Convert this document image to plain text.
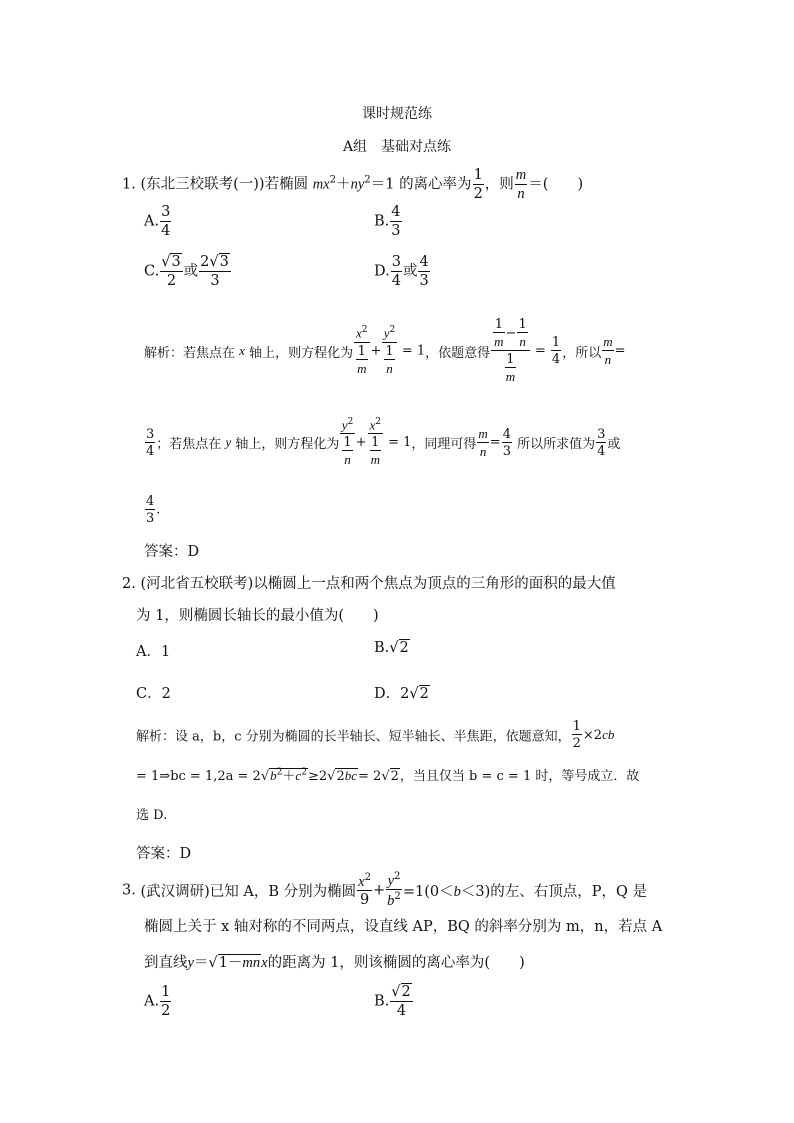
课时规范练
A组　基础对点练
1. (东北三校联考(一))若椭圆 $mx^2+ny^2=1$ 的离心率为 $\frac{1}{2}$ ，则 $\frac{m}{n}$ ＝(　　)
A. $\frac{3}{4}$	B. $\frac{4}{3}$
C. $\frac{√3}{2}$ 或 $\frac{2√3}{3}$	D. $\frac{3}{4}$ 或 $\frac{4}{3}$
解析：若焦点在 x 轴上，则方程化为 $\frac{x^2}{\frac{1}{m}} + \frac{y^2}{\frac{1}{n}} = 1$，依题意得 $\frac{\frac{1}{m} - \frac{1}{n}}{\frac{1}{m}} = \frac{1}{4}$ ，所以 $\frac{m}{n}$ =
$\frac{3}{4}$ ；若焦点在 y 轴上，则方程化为 $\frac{y^2}{\frac{1}{n}} + \frac{x^2}{\frac{1}{m}} = 1$，同理可得 $\frac{m}{n} = \frac{4}{3}$ 所以所求值为 $\frac{3}{4}$ 或
$\frac{4}{3}$ .
答案：D
2. (河北省五校联考)以椭圆上一点和两个焦点为顶点的三角形的面积的最大值
为 1，则椭圆长轴长的最小值为(　　)
A．1	B.√2
C．2	D．2√2
解析：设 a，b，c 分别为椭圆的长半轴长、短半轴长、半焦距，依题意知， $\frac{1}{2} \times 2cb$
= 1⇒bc = $1,2a = 2√b^2+c^2\ge 2√2bc= 2√2$，当且仅当 b = c = 1 时，等号成立．故
选 D.
答案：D
3. (武汉调研)已知 A，B 分别为椭圆 $\frac{x^2}{9} + \frac{y^2}{b^2} =1(0<b<3)$的左、右顶点，P，Q 是
椭圆上关于 x 轴对称的不同两点，设直线 AP，BQ 的斜率分别为 m，n，若点 A
到直线y＝√1－mnx的距离为 1，则该椭圆的离心率为(　　)
A. $\frac{1}{2}$	B. $\frac{√2}{4}$
